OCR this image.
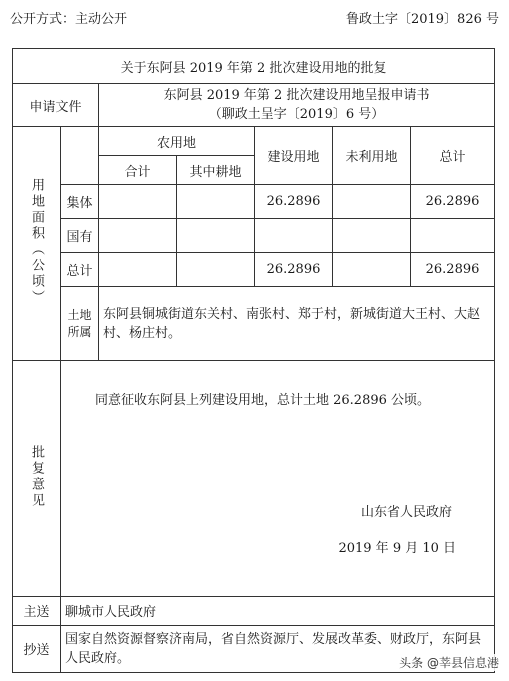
公开方式：主动公开	鲁政土字〔2019〕826 号
关于东阿县 2019 年第 2 批次建设用地的批复						
申请文件		东阿县 2019 年第 2 批次建设用地呈报申请书
（聊政土呈字〔2019〕6 号）				

用地面积（公顷）		农用地		建设用地	未利用地	总计
		合计	其中耕地			
	集体			26.2896		26.2896
	国有					
	总计			26.2896		26.2896
	土地所属	东阿县铜城街道东关村、南张村、郑于村，新城街道大王村、大赵村、杨庄村。				

批复意见	同意征收东阿县上列建设用地，总计土地 26.2896 公顷。
山东省人民政府
2019 年 9 月 10 日					

主送	聊城市人民政府					
抄送	国家自然资源督察济南局，省自然资源厅、发展改革委、财政厅，东阿县人民政府。						头条 @莘县信息港
